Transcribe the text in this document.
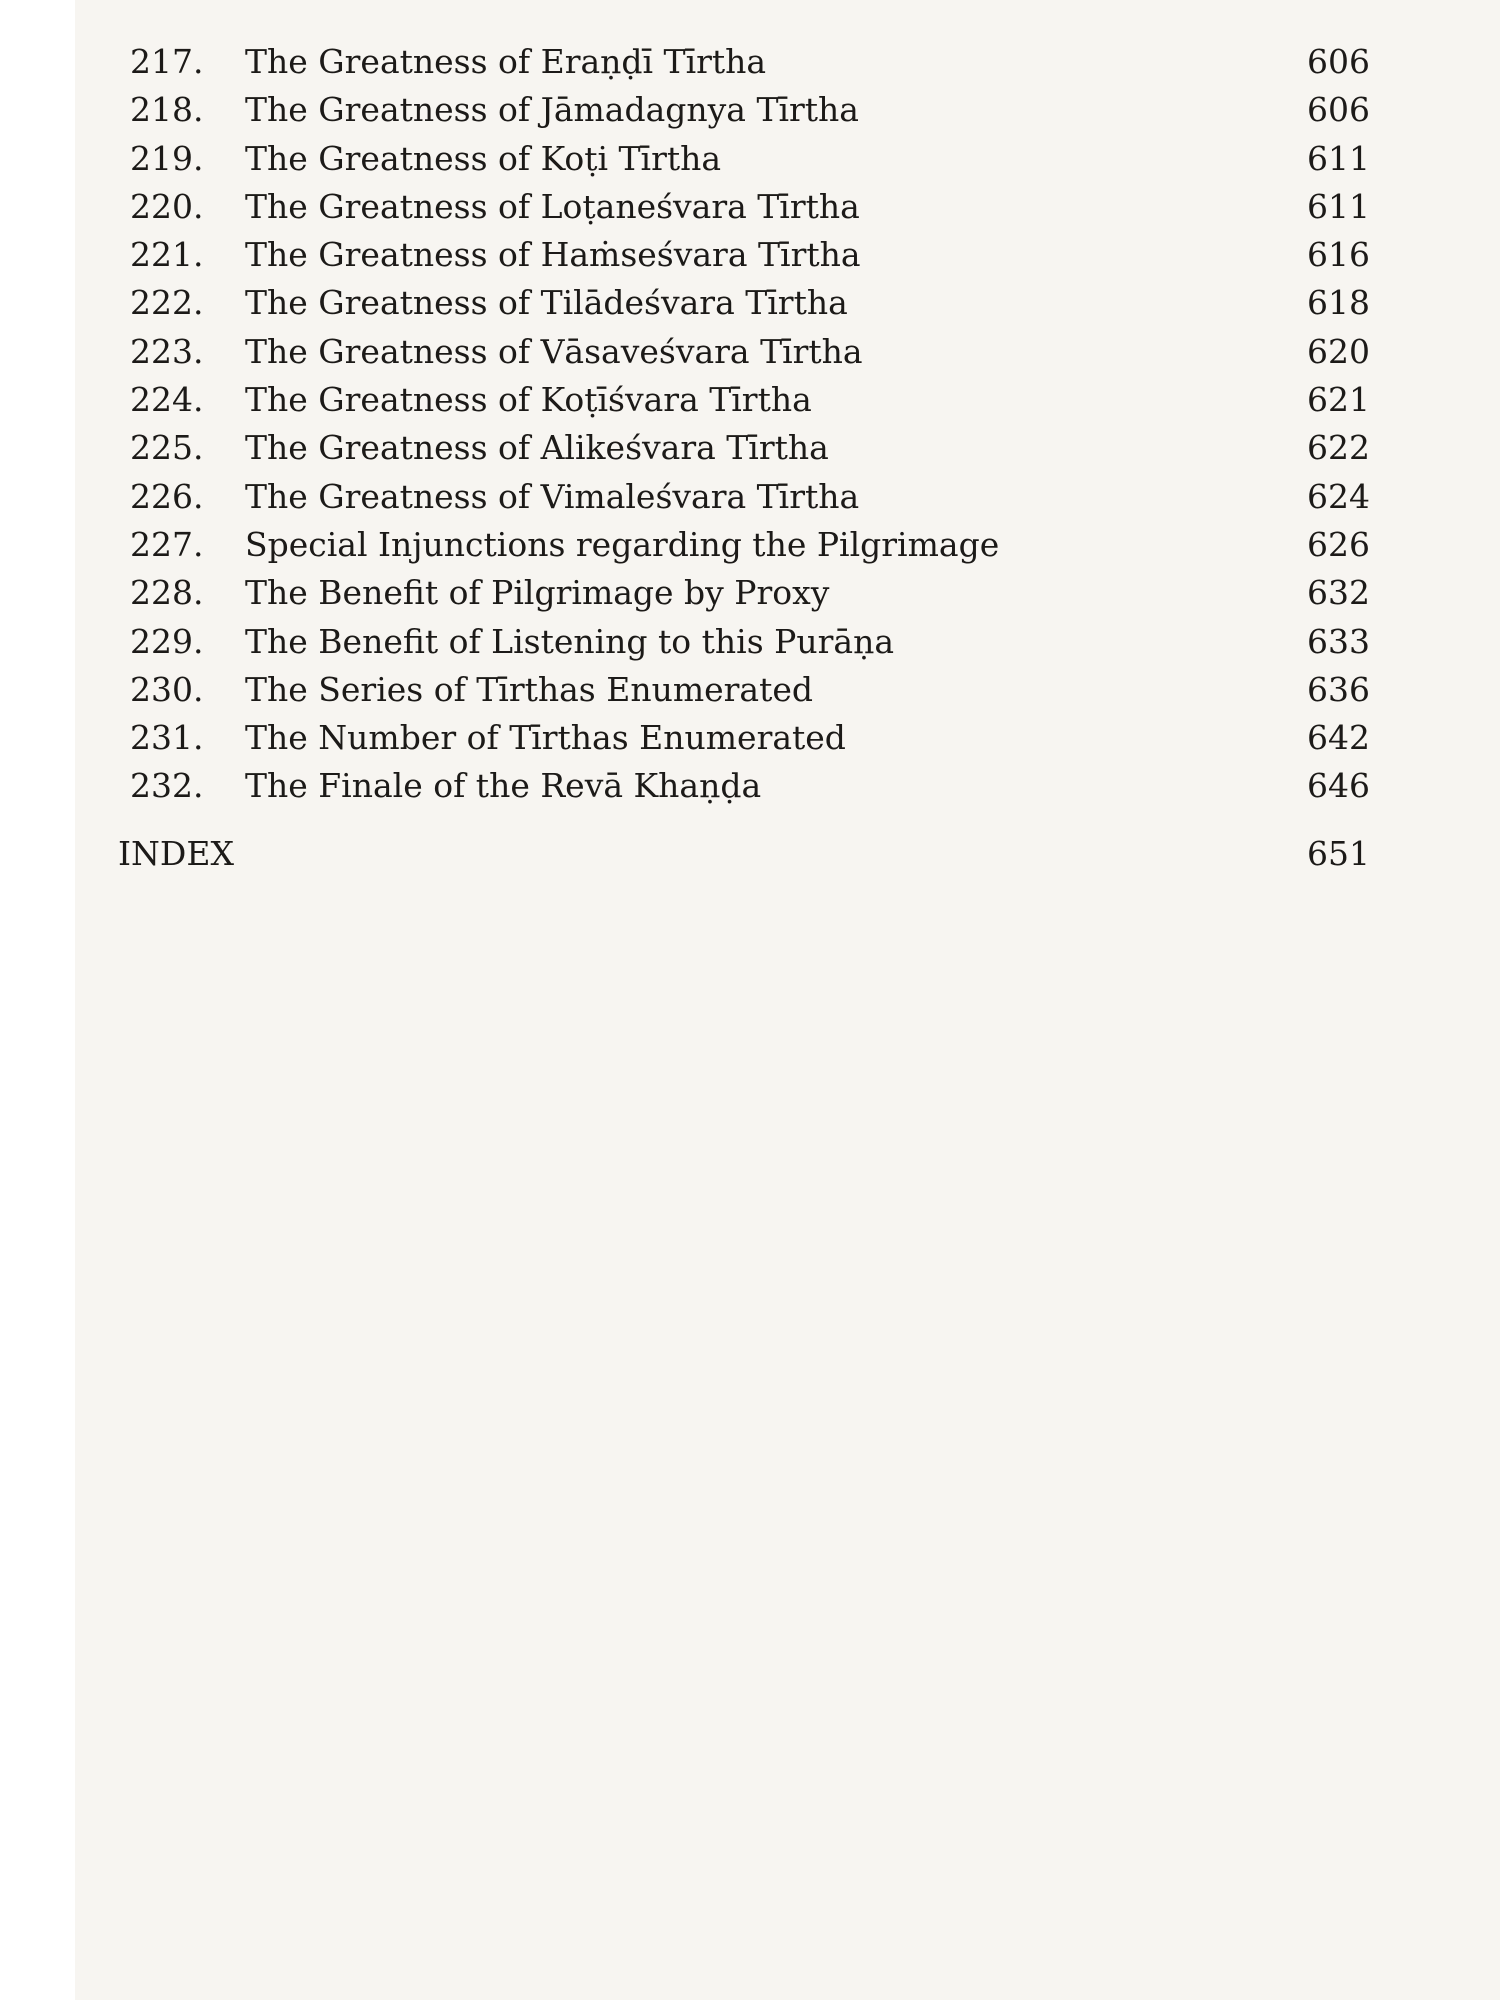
217. The Greatness of Eraṇḍī Tīrtha	606
218. The Greatness of Jāmadagnya Tīrtha	606
219. The Greatness of Koṭi Tīrtha	611
220. The Greatness of Loṭaneśvara Tīrtha	611
221. The Greatness of Haṁseśvara Tīrtha	616
222. The Greatness of Tilādeśvara Tīrtha	618
223. The Greatness of Vāsaveśvara Tīrtha	620
224. The Greatness of Koṭīśvara Tīrtha	621
225. The Greatness of Alikeśvara Tīrtha	622
226. The Greatness of Vimaleśvara Tīrtha	624
227. Special Injunctions regarding the Pilgrimage	626
228. The Benefit of Pilgrimage by Proxy	632
229. The Benefit of Listening to this Purāṇa	633
230. The Series of Tīrthas Enumerated	636
231. The Number of Tīrthas Enumerated	642
232. The Finale of the Revā Khaṇḍa	646
INDEX	651
